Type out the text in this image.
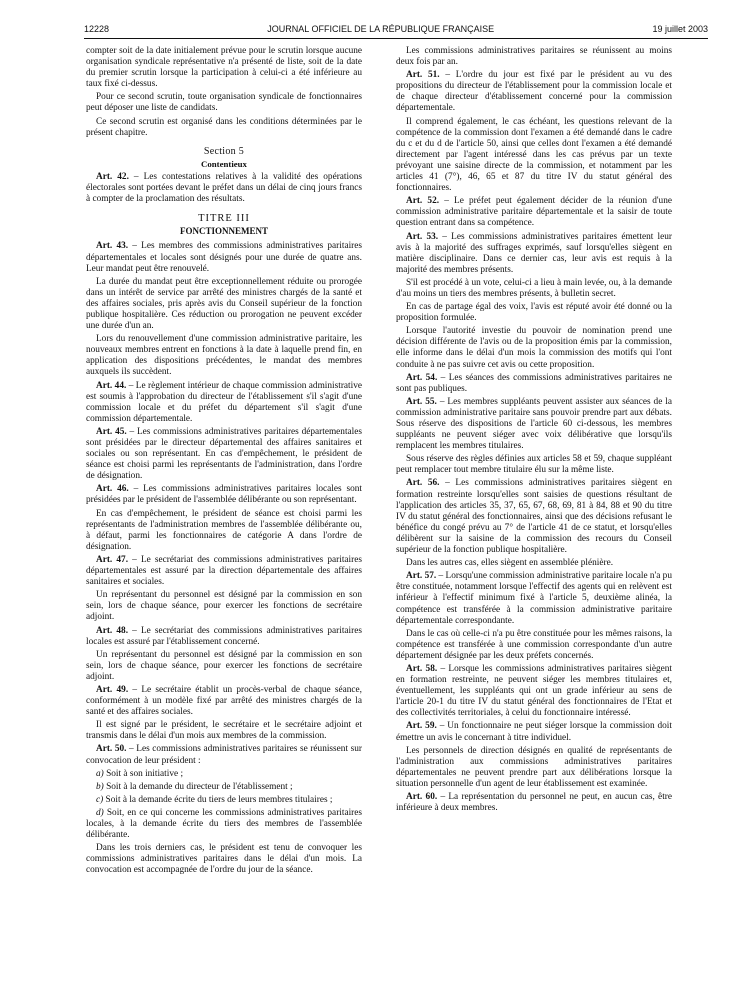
12228	JOURNAL OFFICIEL DE LA RÉPUBLIQUE FRANÇAISE	19 juillet 2003

compter soit de la date initialement prévue pour le scrutin lorsque aucune organisation syndicale représentative n'a présenté de liste, soit de la date du premier scrutin lorsque la participation à celui-ci a été inférieure au taux fixé ci-dessus.

Pour ce second scrutin, toute organisation syndicale de fonctionnaires peut déposer une liste de candidats.

Ce second scrutin est organisé dans les conditions déterminées par le présent chapitre.

Section 5

Contentieux

Art. 42. – Les contestations relatives à la validité des opérations électorales sont portées devant le préfet dans un délai de cinq jours francs à compter de la proclamation des résultats.

TITRE III

FONCTIONNEMENT

Art. 43. – Les membres des commissions administratives paritaires départementales et locales sont désignés pour une durée de quatre ans. Leur mandat peut être renouvelé.

La durée du mandat peut être exceptionnellement réduite ou prorogée dans un intérêt de service par arrêté des ministres chargés de la santé et des affaires sociales, pris après avis du Conseil supérieur de la fonction publique hospitalière. Ces réduction ou prorogation ne peuvent excéder une durée d'un an.

Lors du renouvellement d'une commission administrative paritaire, les nouveaux membres entrent en fonctions à la date à laquelle prend fin, en application des dispositions précédentes, le mandat des membres auxquels ils succèdent.

Art. 44. – Le règlement intérieur de chaque commission administrative est soumis à l'approbation du directeur de l'établissement s'il s'agit d'une commission locale et du préfet du département s'il s'agit d'une commission départementale.

Art. 45. – Les commissions administratives paritaires départementales sont présidées par le directeur départemental des affaires sanitaires et sociales ou son représentant. En cas d'empêchement, le président de séance est choisi parmi les représentants de l'administration, dans l'ordre de désignation.

Art. 46. – Les commissions administratives paritaires locales sont présidées par le président de l'assemblée délibérante ou son représentant.

En cas d'empêchement, le président de séance est choisi parmi les représentants de l'administration membres de l'assemblée délibérante ou, à défaut, parmi les fonctionnaires de catégorie A dans l'ordre de désignation.

Art. 47. – Le secrétariat des commissions administratives paritaires départementales est assuré par la direction départementale des affaires sanitaires et sociales.

Un représentant du personnel est désigné par la commission en son sein, lors de chaque séance, pour exercer les fonctions de secrétaire adjoint.

Art. 48. – Le secrétariat des commissions administratives paritaires locales est assuré par l'établissement concerné.

Un représentant du personnel est désigné par la commission en son sein, lors de chaque séance, pour exercer les fonctions de secrétaire adjoint.

Art. 49. – Le secrétaire établit un procès-verbal de chaque séance, conformément à un modèle fixé par arrêté des ministres chargés de la santé et des affaires sociales.

Il est signé par le président, le secrétaire et le secrétaire adjoint et transmis dans le délai d'un mois aux membres de la commission.

Art. 50. – Les commissions administratives paritaires se réunissent sur convocation de leur président :

a) Soit à son initiative ;

b) Soit à la demande du directeur de l'établissement ;

c) Soit à la demande écrite du tiers de leurs membres titulaires ;

d) Soit, en ce qui concerne les commissions administratives paritaires locales, à la demande écrite du tiers des membres de l'assemblée délibérante.

Dans les trois derniers cas, le président est tenu de convoquer les commissions administratives paritaires dans le délai d'un mois. La convocation est accompagnée de l'ordre du jour de la séance.

Les commissions administratives paritaires se réunissent au moins deux fois par an.

Art. 51. – L'ordre du jour est fixé par le président au vu des propositions du directeur de l'établissement pour la commission locale et de chaque directeur d'établissement concerné pour la commission départementale.

Il comprend également, le cas échéant, les questions relevant de la compétence de la commission dont l'examen a été demandé dans le cadre du c et du d de l'article 50, ainsi que celles dont l'examen a été demandé directement par l'agent intéressé dans les cas prévus par un texte prévoyant une saisine directe de la commission, et notamment par les articles 41 (7°), 46, 65 et 87 du titre IV du statut général des fonctionnaires.

Art. 52. – Le préfet peut également décider de la réunion d'une commission administrative paritaire départementale et la saisir de toute question entrant dans sa compétence.

Art. 53. – Les commissions administratives paritaires émettent leur avis à la majorité des suffrages exprimés, sauf lorsqu'elles siègent en matière disciplinaire. Dans ce dernier cas, leur avis est requis à la majorité des membres présents.

S'il est procédé à un vote, celui-ci a lieu à main levée, ou, à la demande d'au moins un tiers des membres présents, à bulletin secret.

En cas de partage égal des voix, l'avis est réputé avoir été donné ou la proposition formulée.

Lorsque l'autorité investie du pouvoir de nomination prend une décision différente de l'avis ou de la proposition émis par la commission, elle informe dans le délai d'un mois la commission des motifs qui l'ont conduite à ne pas suivre cet avis ou cette proposition.

Art. 54. – Les séances des commissions administratives paritaires ne sont pas publiques.

Art. 55. – Les membres suppléants peuvent assister aux séances de la commission administrative paritaire sans pouvoir prendre part aux débats. Sous réserve des dispositions de l'article 60 ci-dessous, les membres suppléants ne peuvent siéger avec voix délibérative que lorsqu'ils remplacent les membres titulaires.

Sous réserve des règles définies aux articles 58 et 59, chaque suppléant peut remplacer tout membre titulaire élu sur la même liste.

Art. 56. – Les commissions administratives paritaires siègent en formation restreinte lorsqu'elles sont saisies de questions résultant de l'application des articles 35, 37, 65, 67, 68, 69, 81 à 84, 88 et 90 du titre IV du statut général des fonctionnaires, ainsi que des décisions refusant le bénéfice du congé prévu au 7° de l'article 41 de ce statut, et lorsqu'elles délibèrent sur la saisine de la commission des recours du Conseil supérieur de la fonction publique hospitalière.

Dans les autres cas, elles siègent en assemblée plénière.

Art. 57. – Lorsqu'une commission administrative paritaire locale n'a pu être constituée, notamment lorsque l'effectif des agents qui en relèvent est inférieur à l'effectif minimum fixé à l'article 5, deuxième alinéa, la compétence est transférée à la commission administrative paritaire départementale correspondante.

Dans le cas où celle-ci n'a pu être constituée pour les mêmes raisons, la compétence est transférée à une commission correspondante d'un autre département désignée par les deux préfets concernés.

Art. 58. – Lorsque les commissions administratives paritaires siègent en formation restreinte, ne peuvent siéger les membres titulaires et, éventuellement, les suppléants qui ont un grade inférieur au sens de l'article 20-1 du titre IV du statut général des fonctionnaires de l'Etat et des collectivités territoriales, à celui du fonctionnaire intéressé.

Art. 59. – Un fonctionnaire ne peut siéger lorsque la commission doit émettre un avis le concernant à titre individuel.

Les personnels de direction désignés en qualité de représentants de l'administration aux commissions administratives paritaires départementales ne peuvent prendre part aux délibérations lorsque la situation personnelle d'un agent de leur établissement est examinée.

Art. 60. – La représentation du personnel ne peut, en aucun cas, être inférieure à deux membres.
